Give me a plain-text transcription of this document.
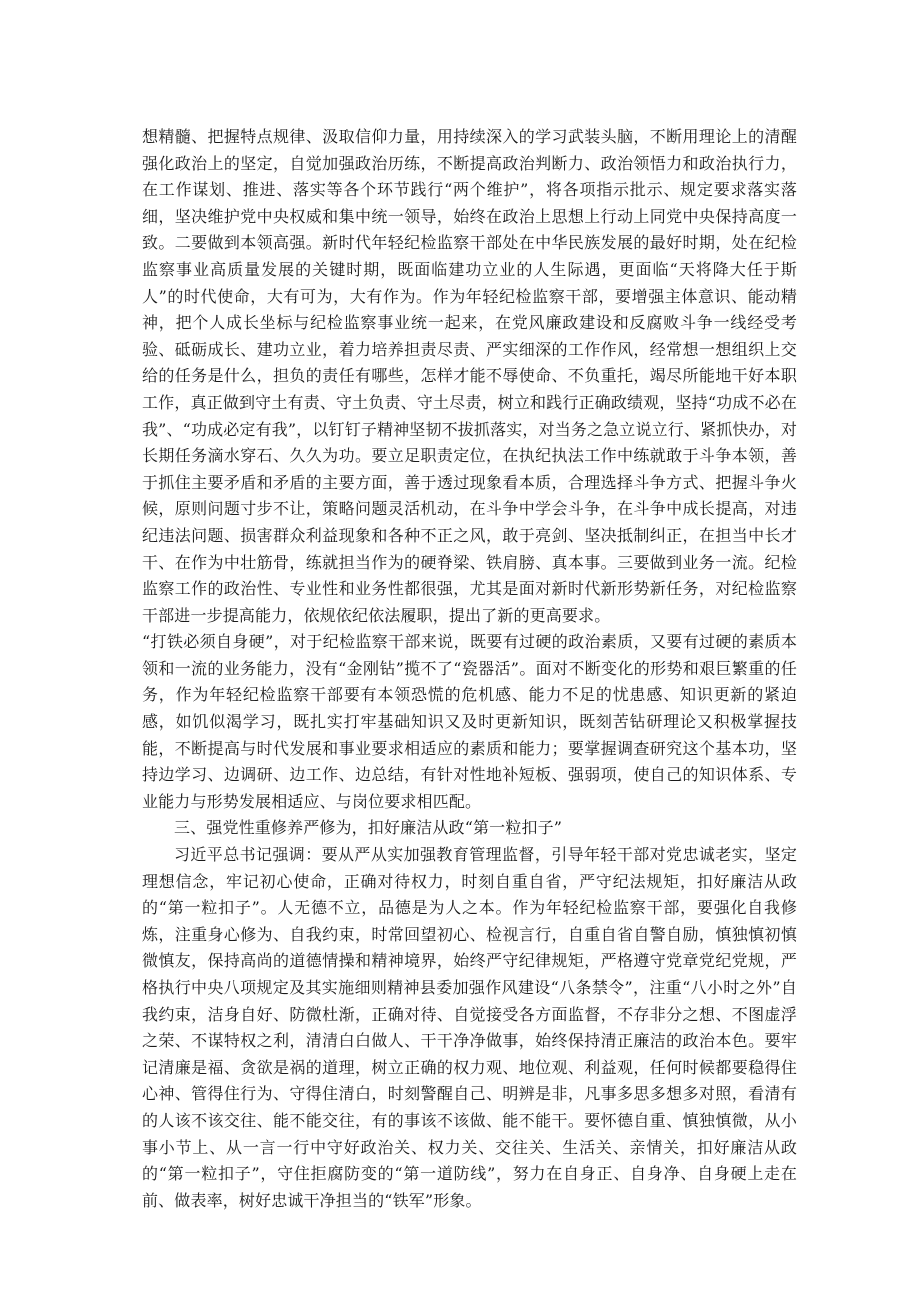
想精髓、把握特点规律、汲取信仰力量，用持续深入的学习武装头脑，不断用理论上的清醒强化政治上的坚定，自觉加强政治历练，不断提高政治判断力、政治领悟力和政治执行力，在工作谋划、推进、落实等各个环节践行“两个维护”，将各项指示批示、规定要求落实落细，坚决维护党中央权威和集中统一领导，始终在政治上思想上行动上同党中央保持高度一致。二要做到本领高强。新时代年轻纪检监察干部处在中华民族发展的最好时期，处在纪检监察事业高质量发展的关键时期，既面临建功立业的人生际遇，更面临“天将降大任于斯人”的时代使命，大有可为，大有作为。作为年轻纪检监察干部，要增强主体意识、能动精神，把个人成长坐标与纪检监察事业统一起来，在党风廉政建设和反腐败斗争一线经受考验、砥砺成长、建功立业，着力培养担责尽责、严实细深的工作作风，经常想一想组织上交给的任务是什么，担负的责任有哪些，怎样才能不辱使命、不负重托，竭尽所能地干好本职工作，真正做到守土有责、守土负责、守土尽责，树立和践行正确政绩观，坚持“功成不必在我”、“功成必定有我”，以钉钉子精神坚韧不拔抓落实，对当务之急立说立行、紧抓快办，对长期任务滴水穿石、久久为功。要立足职责定位，在执纪执法工作中练就敢于斗争本领，善于抓住主要矛盾和矛盾的主要方面，善于透过现象看本质，合理选择斗争方式、把握斗争火候，原则问题寸步不让，策略问题灵活机动，在斗争中学会斗争，在斗争中成长提高，对违纪违法问题、损害群众利益现象和各种不正之风，敢于亮剑、坚决抵制纠正，在担当中长才干、在作为中壮筋骨，练就担当作为的硬脊梁、铁肩膀、真本事。三要做到业务一流。纪检监察工作的政治性、专业性和业务性都很强，尤其是面对新时代新形势新任务，对纪检监察干部进一步提高能力，依规依纪依法履职，提出了新的更高要求。

“打铁必须自身硬”，对于纪检监察干部来说，既要有过硬的政治素质，又要有过硬的素质本领和一流的业务能力，没有“金刚钻”揽不了“瓷器活”。面对不断变化的形势和艰巨繁重的任务，作为年轻纪检监察干部要有本领恐慌的危机感、能力不足的忧患感、知识更新的紧迫感，如饥似渴学习，既扎实打牢基础知识又及时更新知识，既刻苦钻研理论又积极掌握技能，不断提高与时代发展和事业要求相适应的素质和能力；要掌握调查研究这个基本功，坚持边学习、边调研、边工作、边总结，有针对性地补短板、强弱项，使自己的知识体系、专业能力与形势发展相适应、与岗位要求相匹配。

三、强党性重修养严修为，扣好廉洁从政“第一粒扣子”

习近平总书记强调：要从严从实加强教育管理监督，引导年轻干部对党忠诚老实，坚定理想信念，牢记初心使命，正确对待权力，时刻自重自省，严守纪法规矩，扣好廉洁从政的“第一粒扣子”。人无德不立，品德是为人之本。作为年轻纪检监察干部，要强化自我修炼，注重身心修为、自我约束，时常回望初心、检视言行，自重自省自警自励，慎独慎初慎微慎友，保持高尚的道德情操和精神境界，始终严守纪律规矩，严格遵守党章党纪党规，严格执行中央八项规定及其实施细则精神县委加强作风建设“八条禁令”，注重“八小时之外”自我约束，洁身自好、防微杜渐，正确对待、自觉接受各方面监督，不存非分之想、不图虚浮之荣、不谋特权之利，清清白白做人、干干净净做事，始终保持清正廉洁的政治本色。要牢记清廉是福、贪欲是祸的道理，树立正确的权力观、地位观、利益观，任何时候都要稳得住心神、管得住行为、守得住清白，时刻警醒自己、明辨是非，凡事多思多想多对照，看清有的人该不该交往、能不能交往，有的事该不该做、能不能干。要怀德自重、慎独慎微，从小事小节上、从一言一行中守好政治关、权力关、交往关、生活关、亲情关，扣好廉洁从政的“第一粒扣子”，守住拒腐防变的“第一道防线”，努力在自身正、自身净、自身硬上走在前、做表率，树好忠诚干净担当的“铁军”形象。
